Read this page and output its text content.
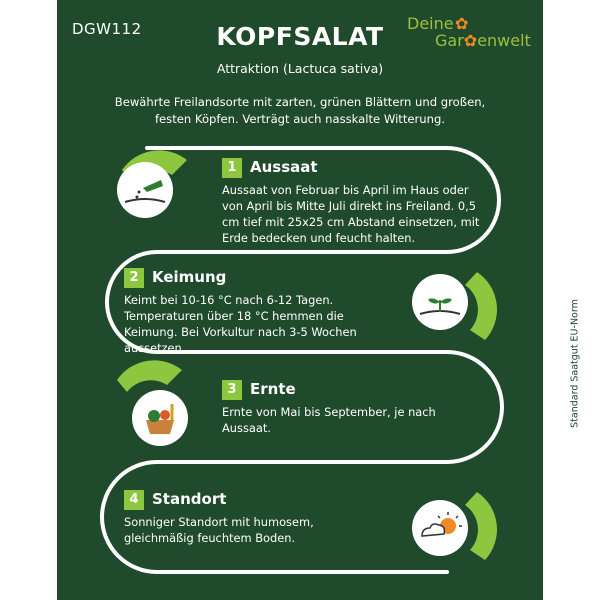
Hergestellt für: Daniel Vogeley, Auf der Insel 20, 50259 Pulheim	Standard Saatgut EU-Norm
DGW112	KOPFSALAT
Attraktion (Lactuca sativa)
Bewährte Freilandsorte mit zarten, grünen Blättern und großen, festen Köpfen. Verträgt auch nasskalte Witterung.
Deine ✿
Gar✿enwelt
1 Aussaat
Aussaat von Februar bis April im Haus oder von April bis Mitte Juli direkt ins Freiland. 0,5 cm tief mit 25x25 cm Abstand einsetzen, mit Erde bedecken und feucht halten.
2 Keimung
Keimt bei 10-16 °C nach 6-12 Tagen. Temperaturen über 18 °C hemmen die Keimung. Bei Vorkultur nach 3-5 Wochen aussetzen.
3 Ernte
Ernte von Mai bis September, je nach Aussaat.
4 Standort
Sonniger Standort mit humosem, gleichmäßig feuchtem Boden.
